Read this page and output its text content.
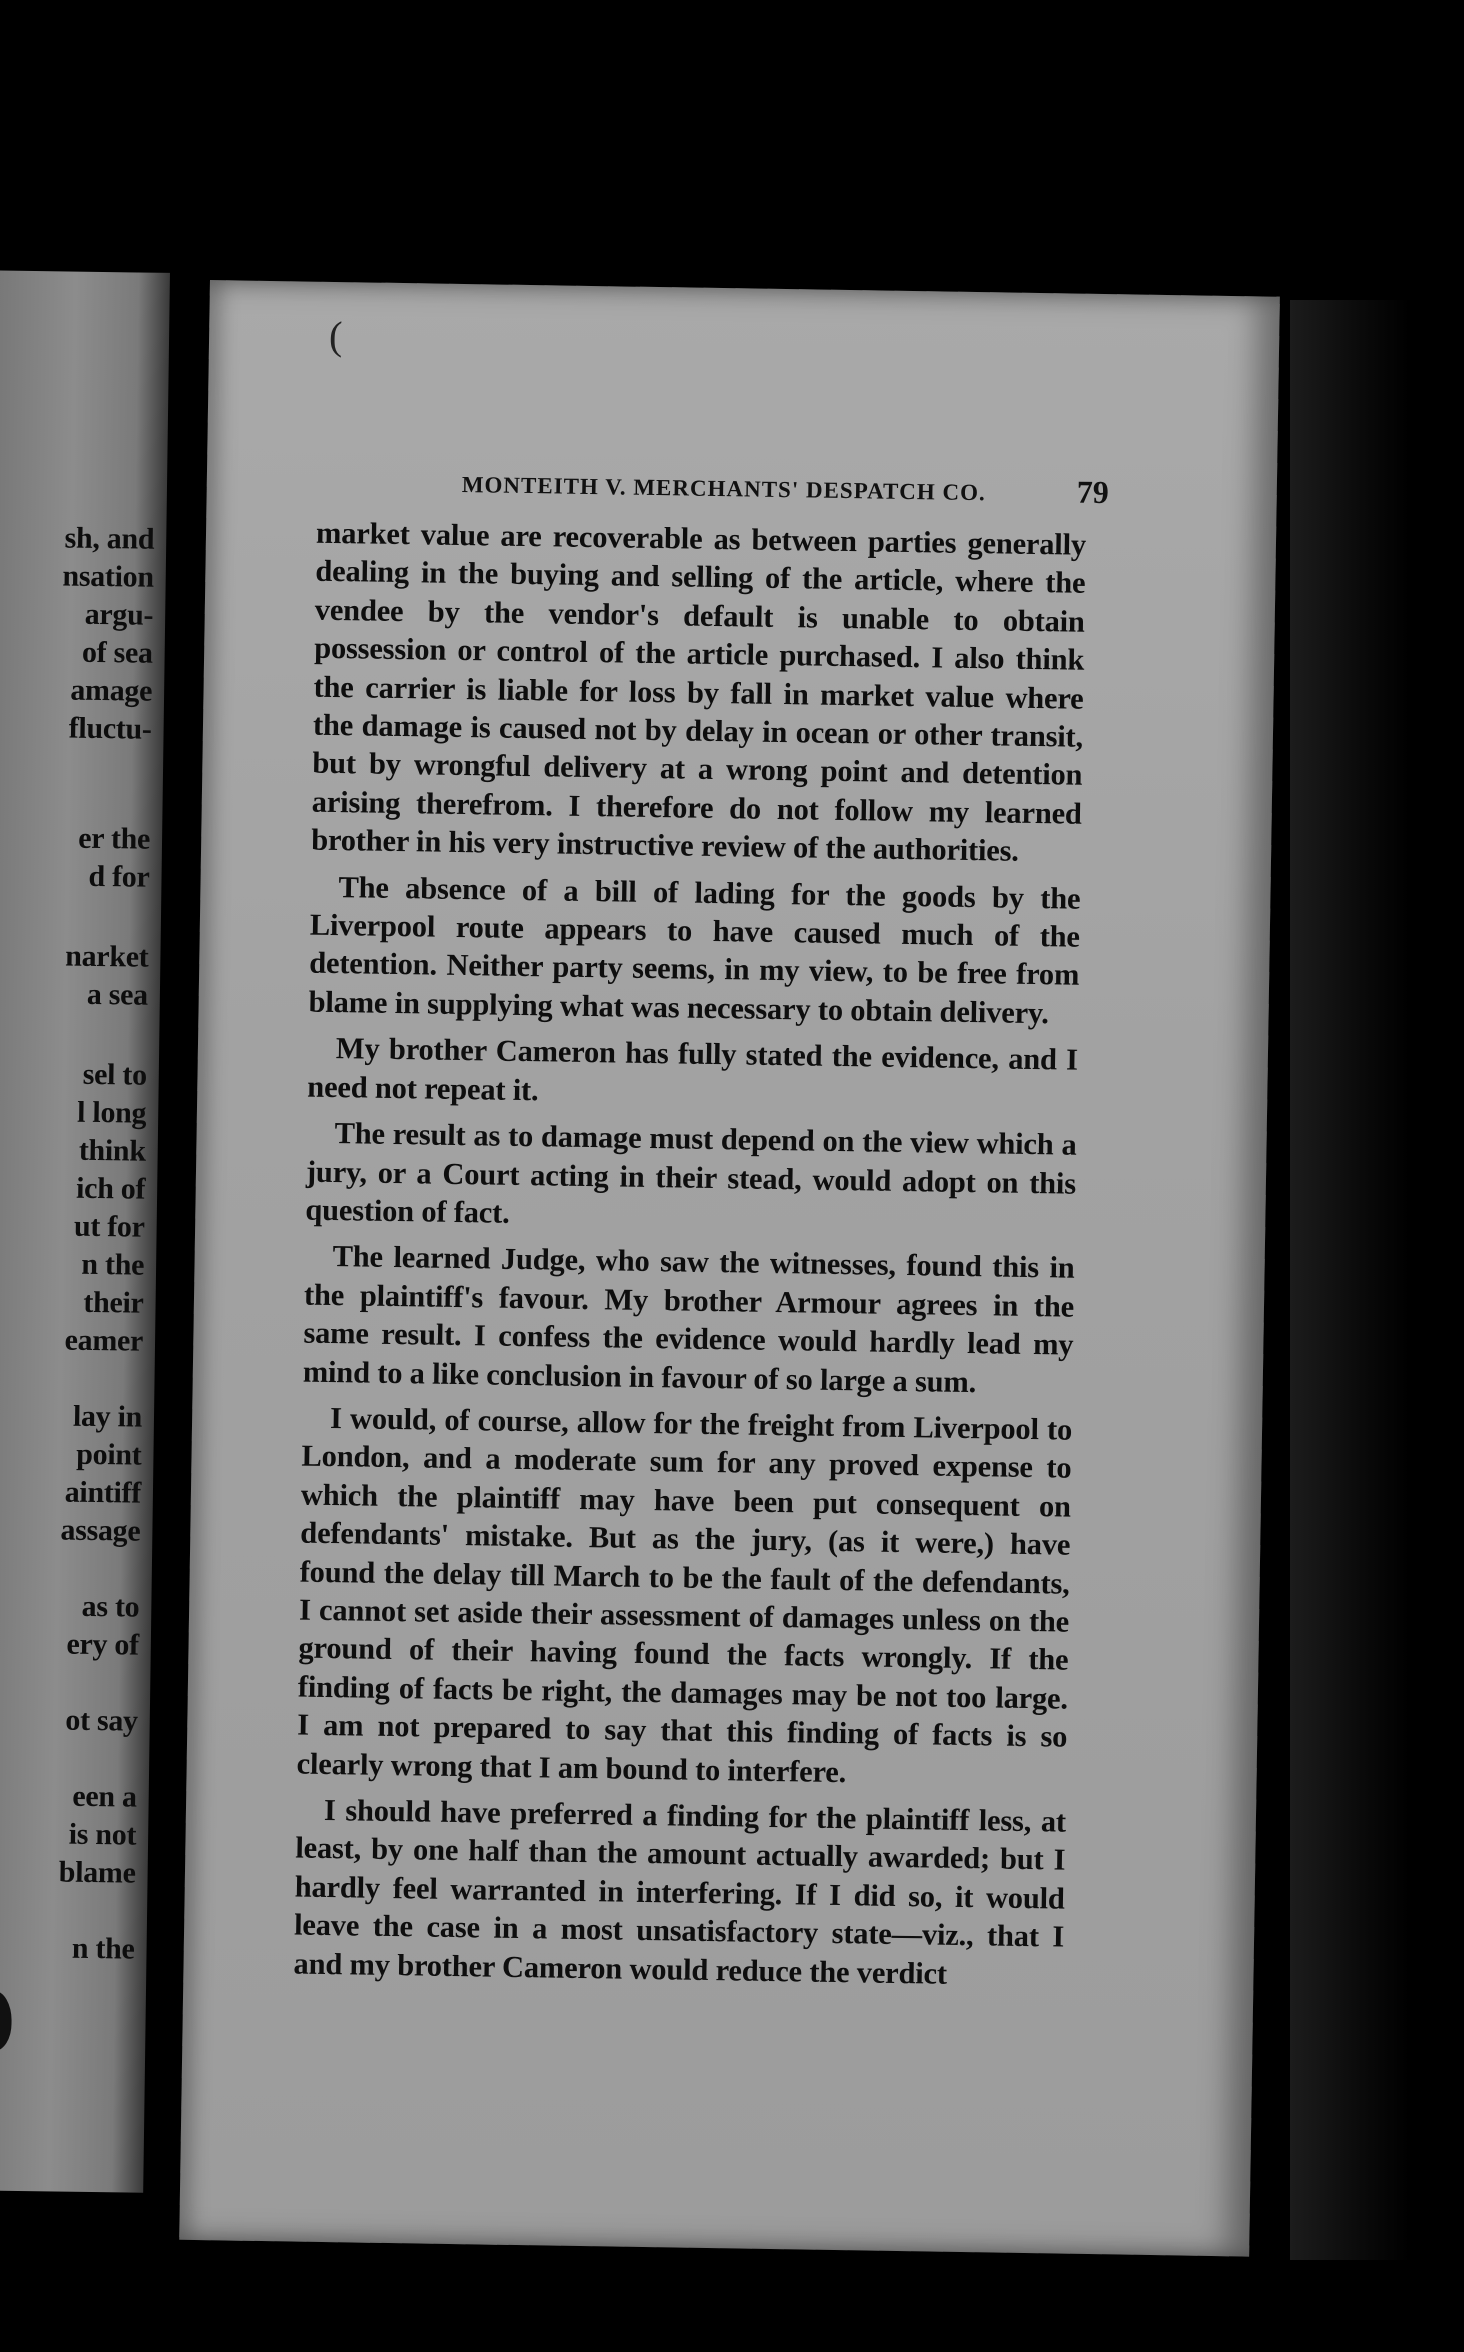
sh, and
nsation
argu-
of sea
amage
fluctu-
er the
d for
narket
a sea
sel to
l long
think
ich of
ut for
n the
their
eamer
lay in
point
aintiff
assage
as to
ery of
ot say
een a
is not
blame
n the
(
MONTEITH V. MERCHANTS' DESPATCH CO.	79

market value are recoverable as between parties generally dealing in the buying and selling of the article, where the vendee by the vendor's default is unable to obtain possession or control of the article purchased. I also think the carrier is liable for loss by fall in market value where the damage is caused not by delay in ocean or other transit, but by wrongful delivery at a wrong point and detention arising therefrom. I therefore do not follow my learned brother in his very instructive review of the authorities.

The absence of a bill of lading for the goods by the Liverpool route appears to have caused much of the detention. Neither party seems, in my view, to be free from blame in supplying what was necessary to obtain delivery.

My brother Cameron has fully stated the evidence, and I need not repeat it.

The result as to damage must depend on the view which a jury, or a Court acting in their stead, would adopt on this question of fact.

The learned Judge, who saw the witnesses, found this in the plaintiff's favour. My brother Armour agrees in the same result. I confess the evidence would hardly lead my mind to a like conclusion in favour of so large a sum.

I would, of course, allow for the freight from Liverpool to London, and a moderate sum for any proved expense to which the plaintiff may have been put consequent on defendants' mistake. But as the jury, (as it were,) have found the delay till March to be the fault of the defendants, I cannot set aside their assessment of damages unless on the ground of their having found the facts wrongly. If the finding of facts be right, the damages may be not too large. I am not prepared to say that this finding of facts is so clearly wrong that I am bound to interfere.

I should have preferred a finding for the plaintiff less, at least, by one half than the amount actually awarded; but I hardly feel warranted in interfering. If I did so, it would leave the case in a most unsatisfactory state—viz., that I and my brother Cameron would reduce the verdict
